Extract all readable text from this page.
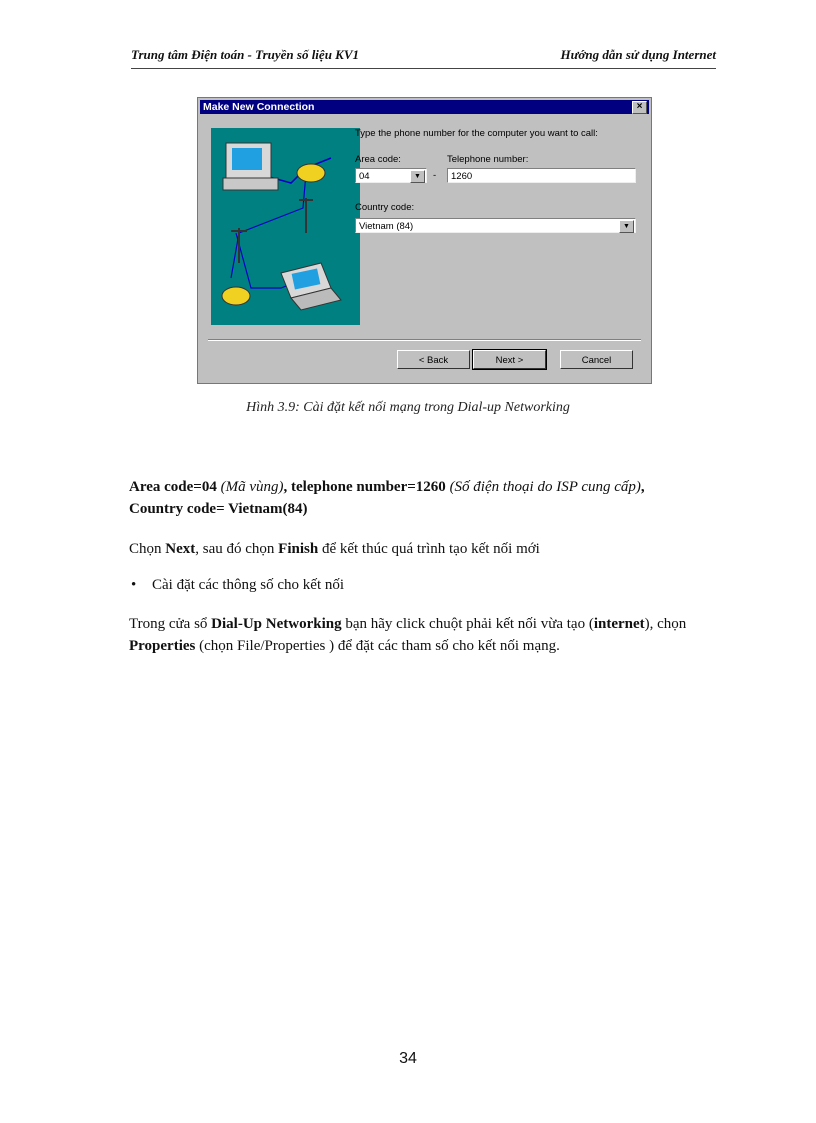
Trung tâm Điện toán - Truyền số liệu KV1	Hướng dẫn sử dụng Internet
Make New Connection	×
Type the phone number for the computer you want to call:
Area code:
04	▼	-
Telephone number:
1260
Country code:
Vietnam (84)	▼
< Back	Next >	Cancel
Hình 3.9: Cài đặt kết nối mạng trong Dial-up Networking
Area code=04 (Mã vùng), telephone number=1260 (Số điện thoại do ISP cung cấp),
Country code= Vietnam(84)
Chọn Next, sau đó chọn Finish để kết thúc quá trình tạo kết nối mới
• Cài đặt các thông số cho kết nối
Trong cửa sổ Dial-Up Networking bạn hãy click chuột phải kết nối vừa tạo (internet), chọn Properties (chọn File/Properties ) để đặt các tham số cho kết nối mạng.
34
